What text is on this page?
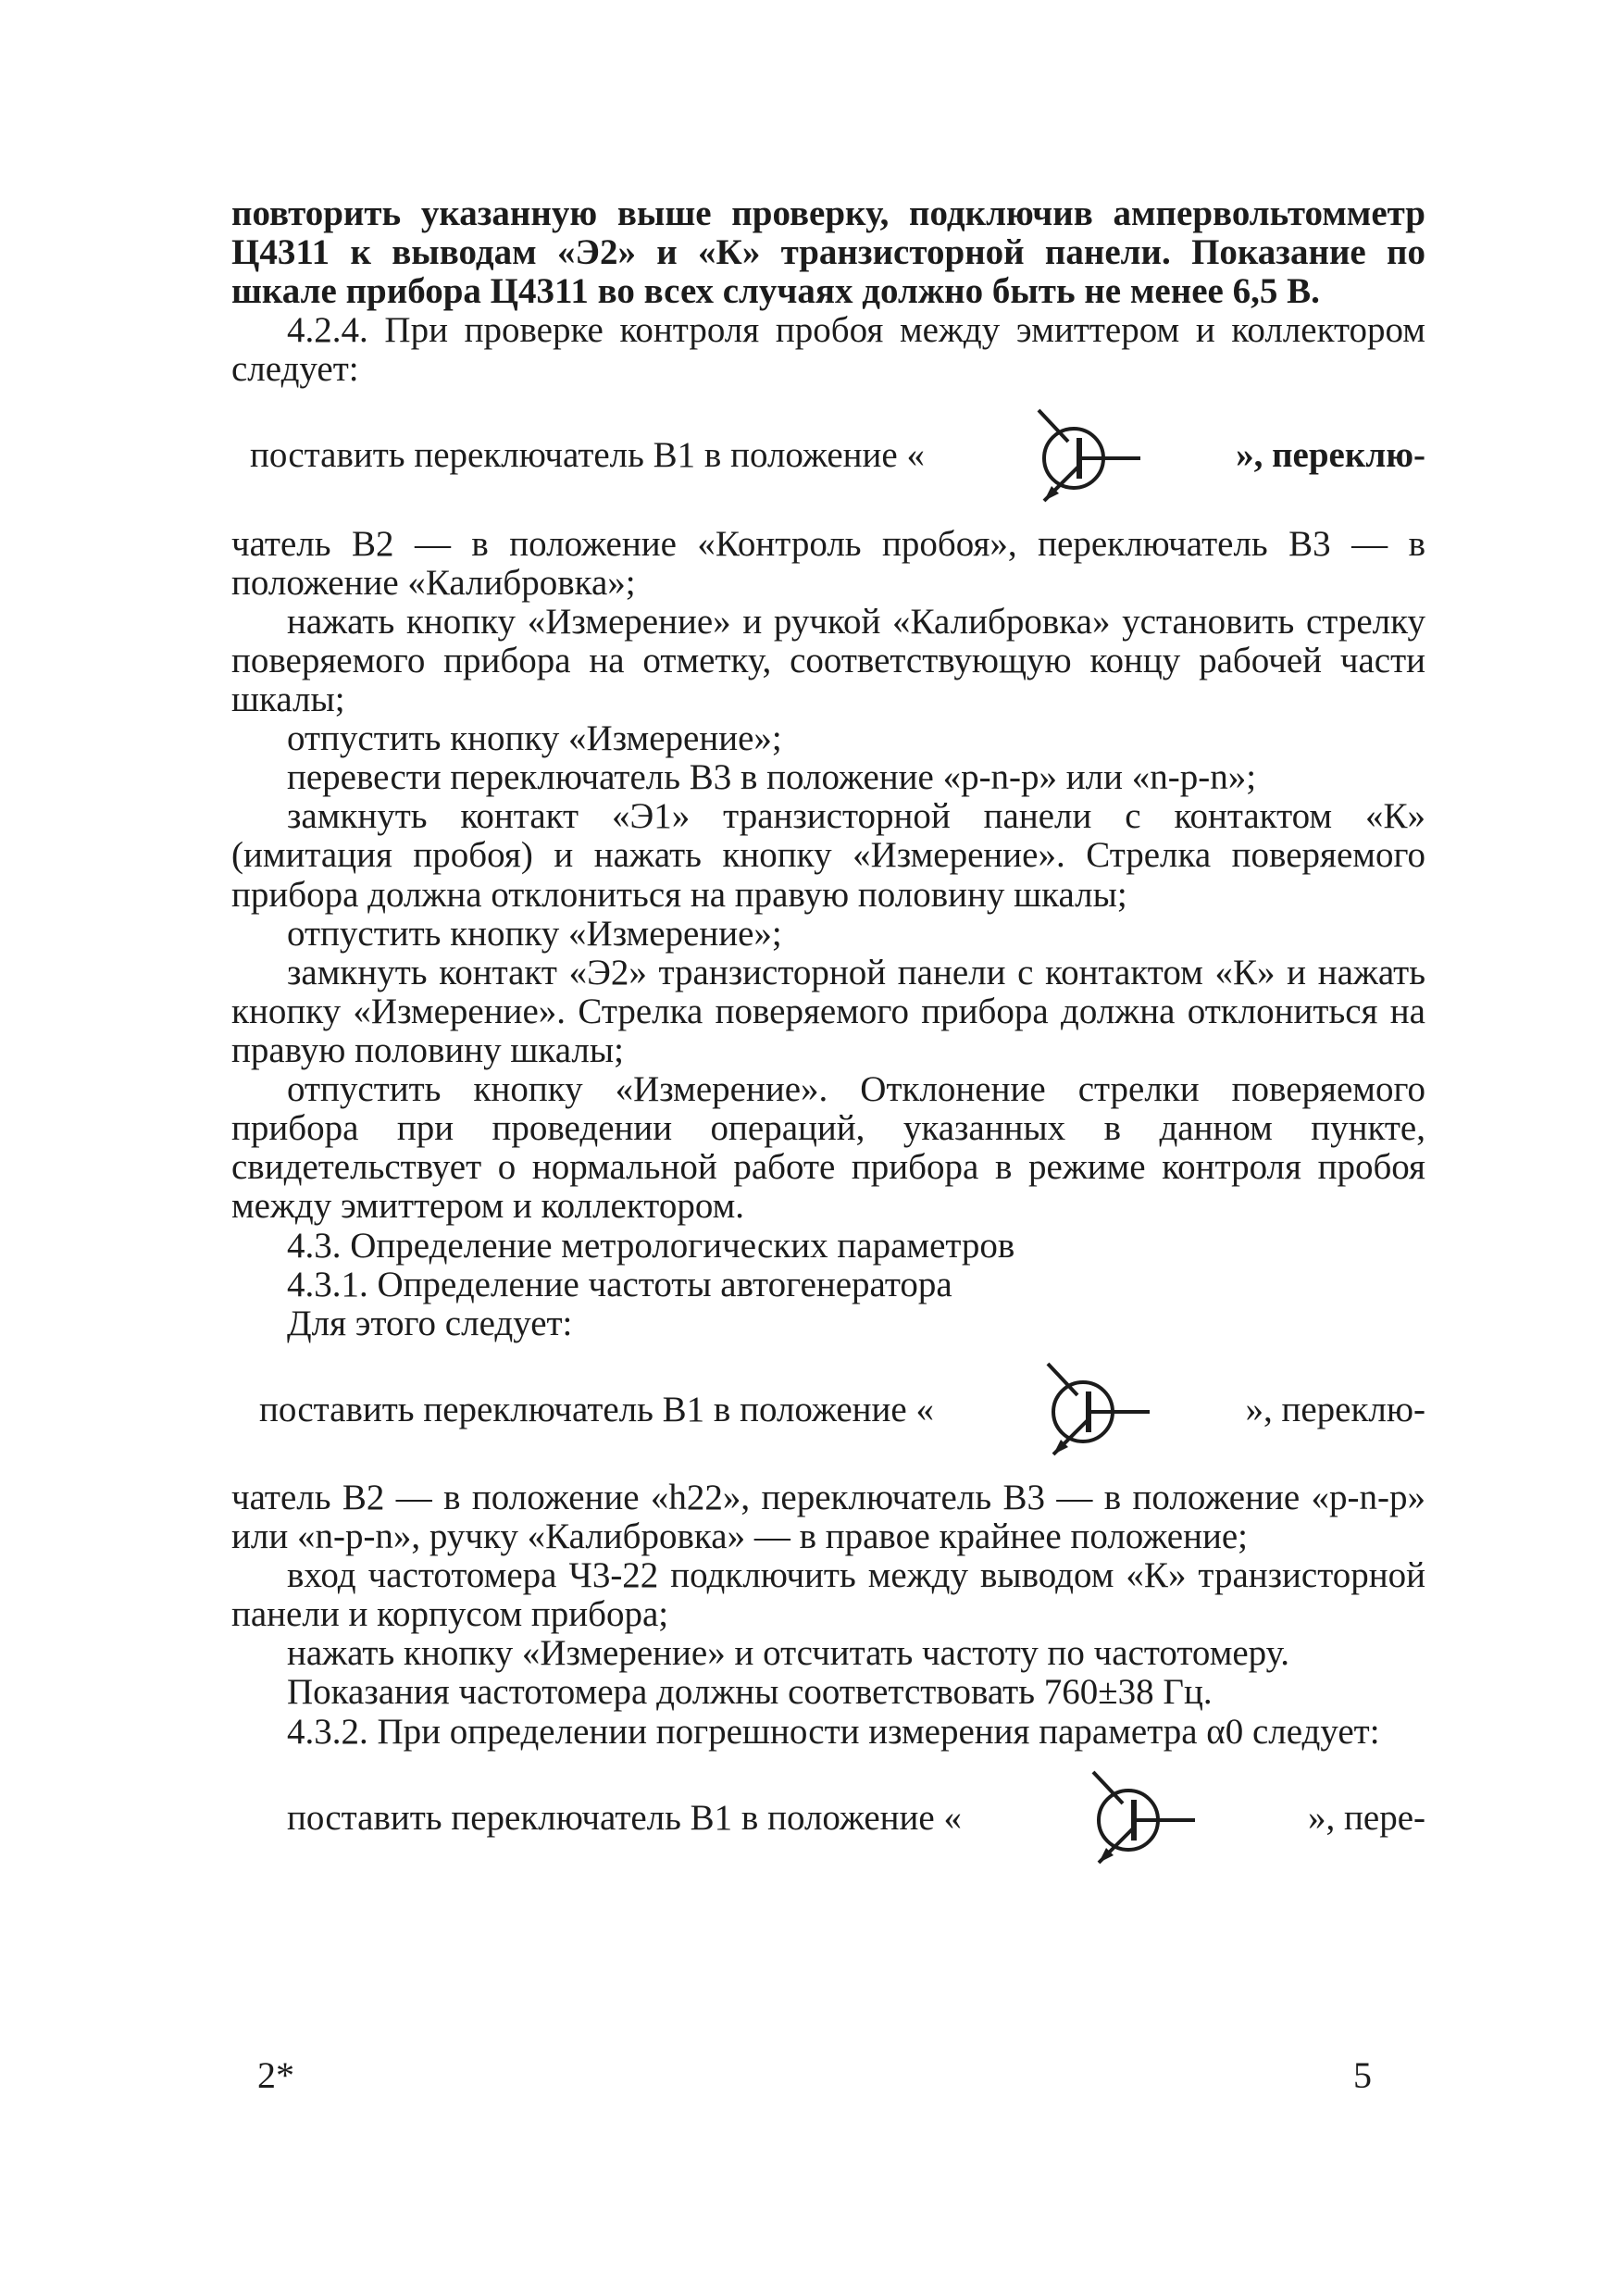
повторить указанную выше проверку, подключив ампервольтомметр Ц4311 к выводам «Э2» и «К» транзисторной панели. Показание по шкале прибора Ц4311 во всех случаях должно быть не менее 6,5 В.

4.2.4. При проверке контроля пробоя между эмиттером и коллектором следует:

поставить переключатель В1 в положение «	», переклю-

чатель В2 — в положение «Контроль пробоя», переключатель В3 — в положение «Калибровка»;

нажать кнопку «Измерение» и ручкой «Калибровка» установить стрелку поверяемого прибора на отметку, соответствующую концу рабочей части шкалы;

отпустить кнопку «Измерение»;

перевести переключатель В3 в положение «p-n-p» или «n-p-n»;

замкнуть контакт «Э1» транзисторной панели с контактом «К» (имитация пробоя) и нажать кнопку «Измерение». Стрелка поверяемого прибора должна отклониться на правую половину шкалы;

отпустить кнопку «Измерение»;

замкнуть контакт «Э2» транзисторной панели с контактом «К» и нажать кнопку «Измерение». Стрелка поверяемого прибора должна отклониться на правую половину шкалы;

отпустить кнопку «Измерение». Отклонение стрелки поверяемого прибора при проведении операций, указанных в данном пункте, свидетельствует о нормальной работе прибора в режиме контроля пробоя между эмиттером и коллектором.

4.3. Определение метрологических параметров

4.3.1. Определение частоты автогенератора

Для этого следует:

поставить переключатель В1 в положение «	», переклю-

чатель В2 — в положение «h22», переключатель В3 — в положение «p-n-p» или «n-p-n», ручку «Калибровка» — в правое крайнее положение;

вход частотомера Ч3-22 подключить между выводом «К» транзисторной панели и корпусом прибора;

нажать кнопку «Измерение» и отсчитать частоту по частотомеру.

Показания частотомера должны соответствовать 760±38 Гц.

4.3.2. При определении погрешности измерения параметра α0 следует:

поставить переключатель В1 в положение «	», пере-
2*	5
